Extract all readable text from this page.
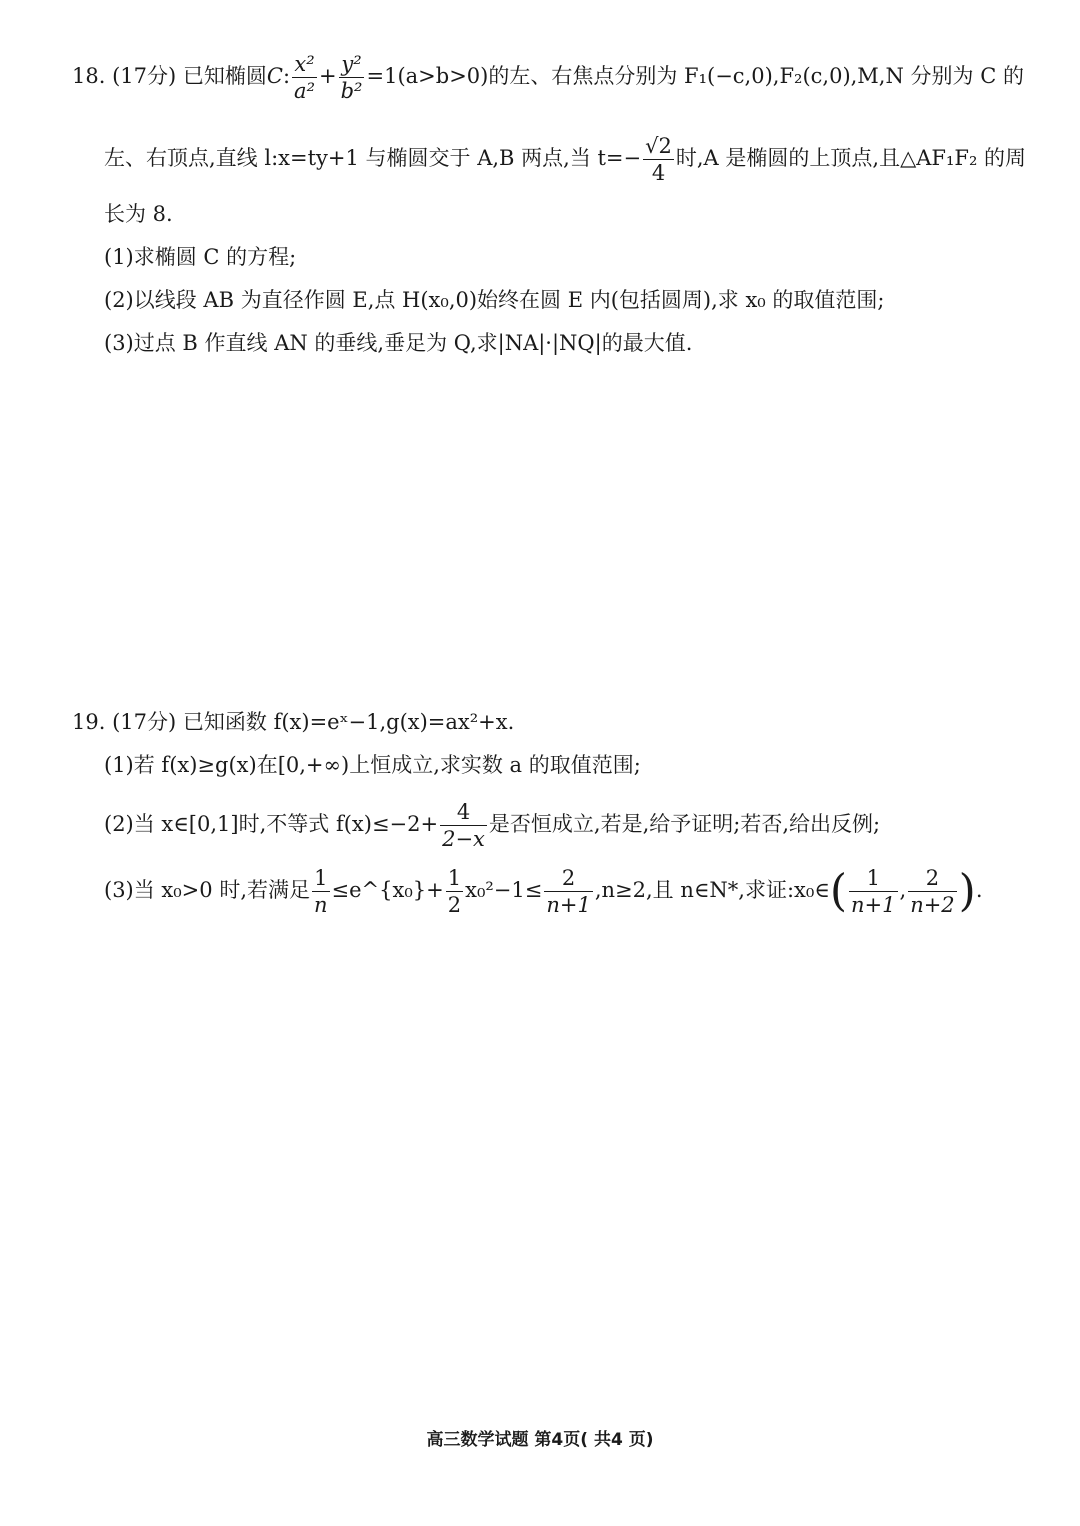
18. (17分) 已知椭圆C: $\frac{\text{x²}}{\text{a²}} + \frac{\text{y²}}{\text{b²}} =1(a>b>0)$的左、右焦点分别为 F₁(−c,0),F₂(c,0),M,N 分别为 C 的
左、右顶点,直线 l:x=ty+1 与椭圆交于 A,B 两点,当 $t=- \frac{√2}{4}$ 时,A 是椭圆的上顶点,且△AF₁F₂ 的周
长为 8.
(1)求椭圆 C 的方程;
(2)以线段 AB 为直径作圆 E,点 H(x₀,0)始终在圆 E 内(包括圆周),求 x₀ 的取值范围;
(3)过点 B 作直线 AN 的垂线,垂足为 Q,求|NA|·|NQ|的最大值.
19. (17分) 已知函数 f(x)=eˣ−1,g(x)=ax²+x.
(1)若 f(x)≥g(x)在[0,+∞)上恒成立,求实数 a 的取值范围;
(2)当 x∈[0,1]时,不等式 $f(x)\le-2+ \frac{4}{2-x}$ 是否恒成立,若是,给予证明;若否,给出反例;
(3)当 x₀>0 时,若满足 $\frac{1}{n}$ ≤e^{x₀}+ $\frac{1}{2} x_0^2-1\le \frac{2}{n+1} ,n\ge 2$,且 n∈N*,求证:x₀∈( $\frac{1}{n+1}$ , $\frac{2}{n+2}$ ).
高三数学试题 第4页( 共4 页)
